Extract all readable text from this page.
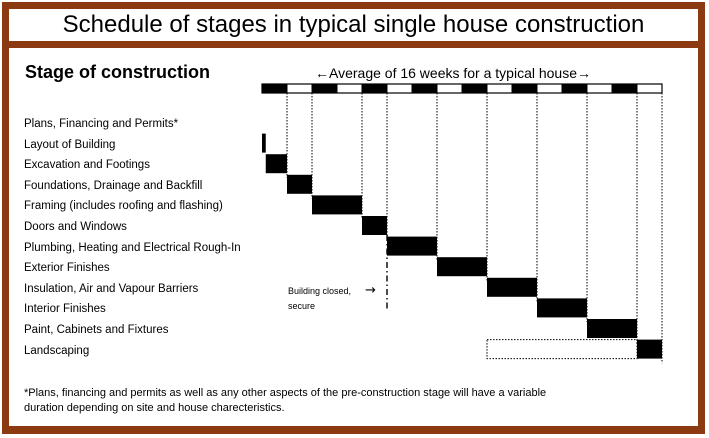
Schedule of stages in typical single house construction
Stage of construction	←Average of 16 weeks for a typical house→
Plans, Financing and Permits*
Layout of Building
Excavation and Footings
Foundations, Drainage and Backfill
Framing (includes roofing and flashing)
Doors and Windows
Plumbing, Heating and Electrical Rough-In
Exterior Finishes
Insulation, Air and Vapour Barriers
Interior Finishes
Paint, Cabinets and Fixtures
Landscaping
Building closed,
secure
→
*Plans, financing and permits as well as any other aspects of the pre-construction stage will have a variable duration depending on site and house charecteristics.
